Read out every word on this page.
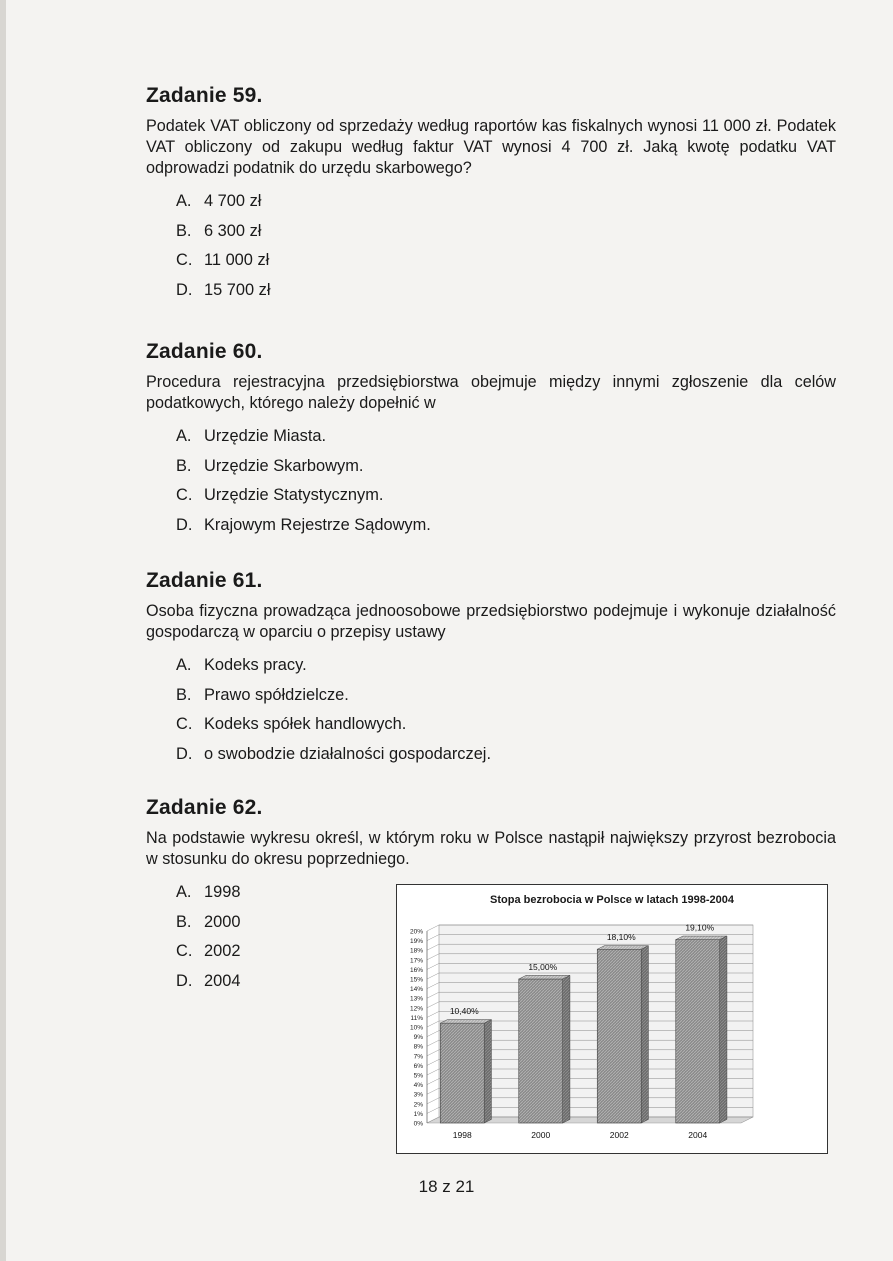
Zadanie 59.

Podatek VAT obliczony od sprzedaży według raportów kas fiskalnych wynosi 11 000 zł. Podatek VAT obliczony od zakupu według faktur VAT wynosi 4 700 zł. Jaką kwotę podatku VAT odprowadzi podatnik do urzędu skarbowego?

A. 4 700 zł
B. 6 300 zł
C. 11 000 zł
D. 15 700 zł
Zadanie 60.

Procedura rejestracyjna przedsiębiorstwa obejmuje między innymi zgłoszenie dla celów podatkowych, którego należy dopełnić w

A. Urzędzie Miasta.
B. Urzędzie Skarbowym.
C. Urzędzie Statystycznym.
D. Krajowym Rejestrze Sądowym.
Zadanie 61.

Osoba fizyczna prowadząca jednoosobowe przedsiębiorstwo podejmuje i wykonuje działalność gospodarczą w oparciu o przepisy ustawy

A. Kodeks pracy.
B. Prawo spółdzielcze.
C. Kodeks spółek handlowych.
D. o swobodzie działalności gospodarczej.
Zadanie 62.

Na podstawie wykresu określ, w którym roku w Polsce nastąpił największy przyrost bezrobocia w stosunku do okresu poprzedniego.

A. 1998
B. 2000
C. 2002
D. 2004
Stopa bezrobocia w Polsce w latach 1998-2004
0%
1%
2%
3%
4%
5%
6%
7%
8%
9%
10%
11%
12%
13%
14%
15%
16%
17%
18%
19%
20%
10,40%
1998
15,00%
2000
18,10%
2002
19,10%
2004
18 z 21
